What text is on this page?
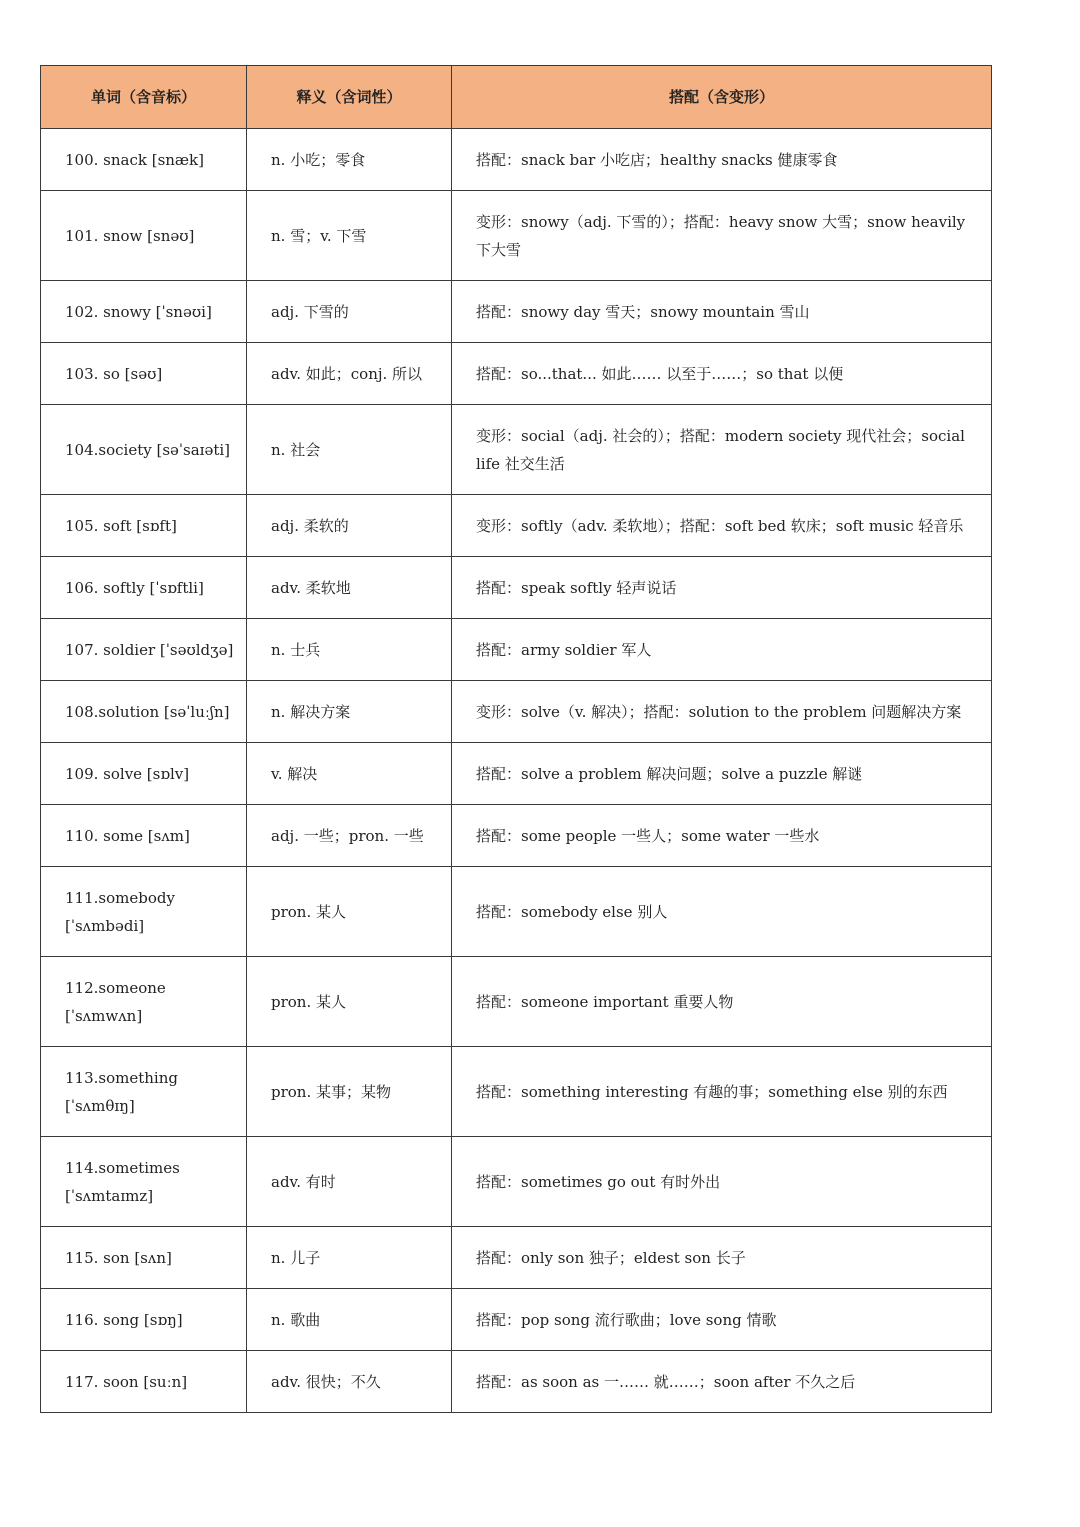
单词（含音标）	释义（含词性）	搭配（含变形）
100. snack [snæk]	n. 小吃；零食	搭配：snack bar 小吃店；healthy snacks 健康零食
101. snow [snəʊ]	n. 雪；v. 下雪	变形：snowy（adj. 下雪的）；搭配：heavy snow 大雪；snow heavily 下大雪
102. snowy [ˈsnəʊi]	adj. 下雪的	搭配：snowy day 雪天；snowy mountain 雪山
103. so [səʊ]	adv. 如此；conj. 所以	搭配：so...that... 如此…… 以至于……；so that 以便
104.society [səˈsaɪəti]	n. 社会	变形：social（adj. 社会的）；搭配：modern society 现代社会；social life 社交生活
105. soft [sɒft]	adj. 柔软的	变形：softly（adv. 柔软地）；搭配：soft bed 软床；soft music 轻音乐
106. softly [ˈsɒftli]	adv. 柔软地	搭配：speak softly 轻声说话
107. soldier [ˈsəʊldʒə]	n. 士兵	搭配：army soldier 军人
108.solution [səˈluːʃn]	n. 解决方案	变形：solve（v. 解决）；搭配：solution to the problem 问题解决方案
109. solve [sɒlv]	v. 解决	搭配：solve a problem 解决问题；solve a puzzle 解谜
110. some [sʌm]	adj. 一些；pron. 一些	搭配：some people 一些人；some water 一些水
111.somebody [ˈsʌmbədi]	pron. 某人	搭配：somebody else 别人
112.someone [ˈsʌmwʌn]	pron. 某人	搭配：someone important 重要人物
113.something [ˈsʌmθɪŋ]	pron. 某事；某物	搭配：something interesting 有趣的事；something else 别的东西
114.sometimes [ˈsʌmtaɪmz]	adv. 有时	搭配：sometimes go out 有时外出
115. son [sʌn]	n. 儿子	搭配：only son 独子；eldest son 长子
116. song [sɒŋ]	n. 歌曲	搭配：pop song 流行歌曲；love song 情歌
117. soon [suːn]	adv. 很快；不久	搭配：as soon as 一…… 就……；soon after 不久之后
